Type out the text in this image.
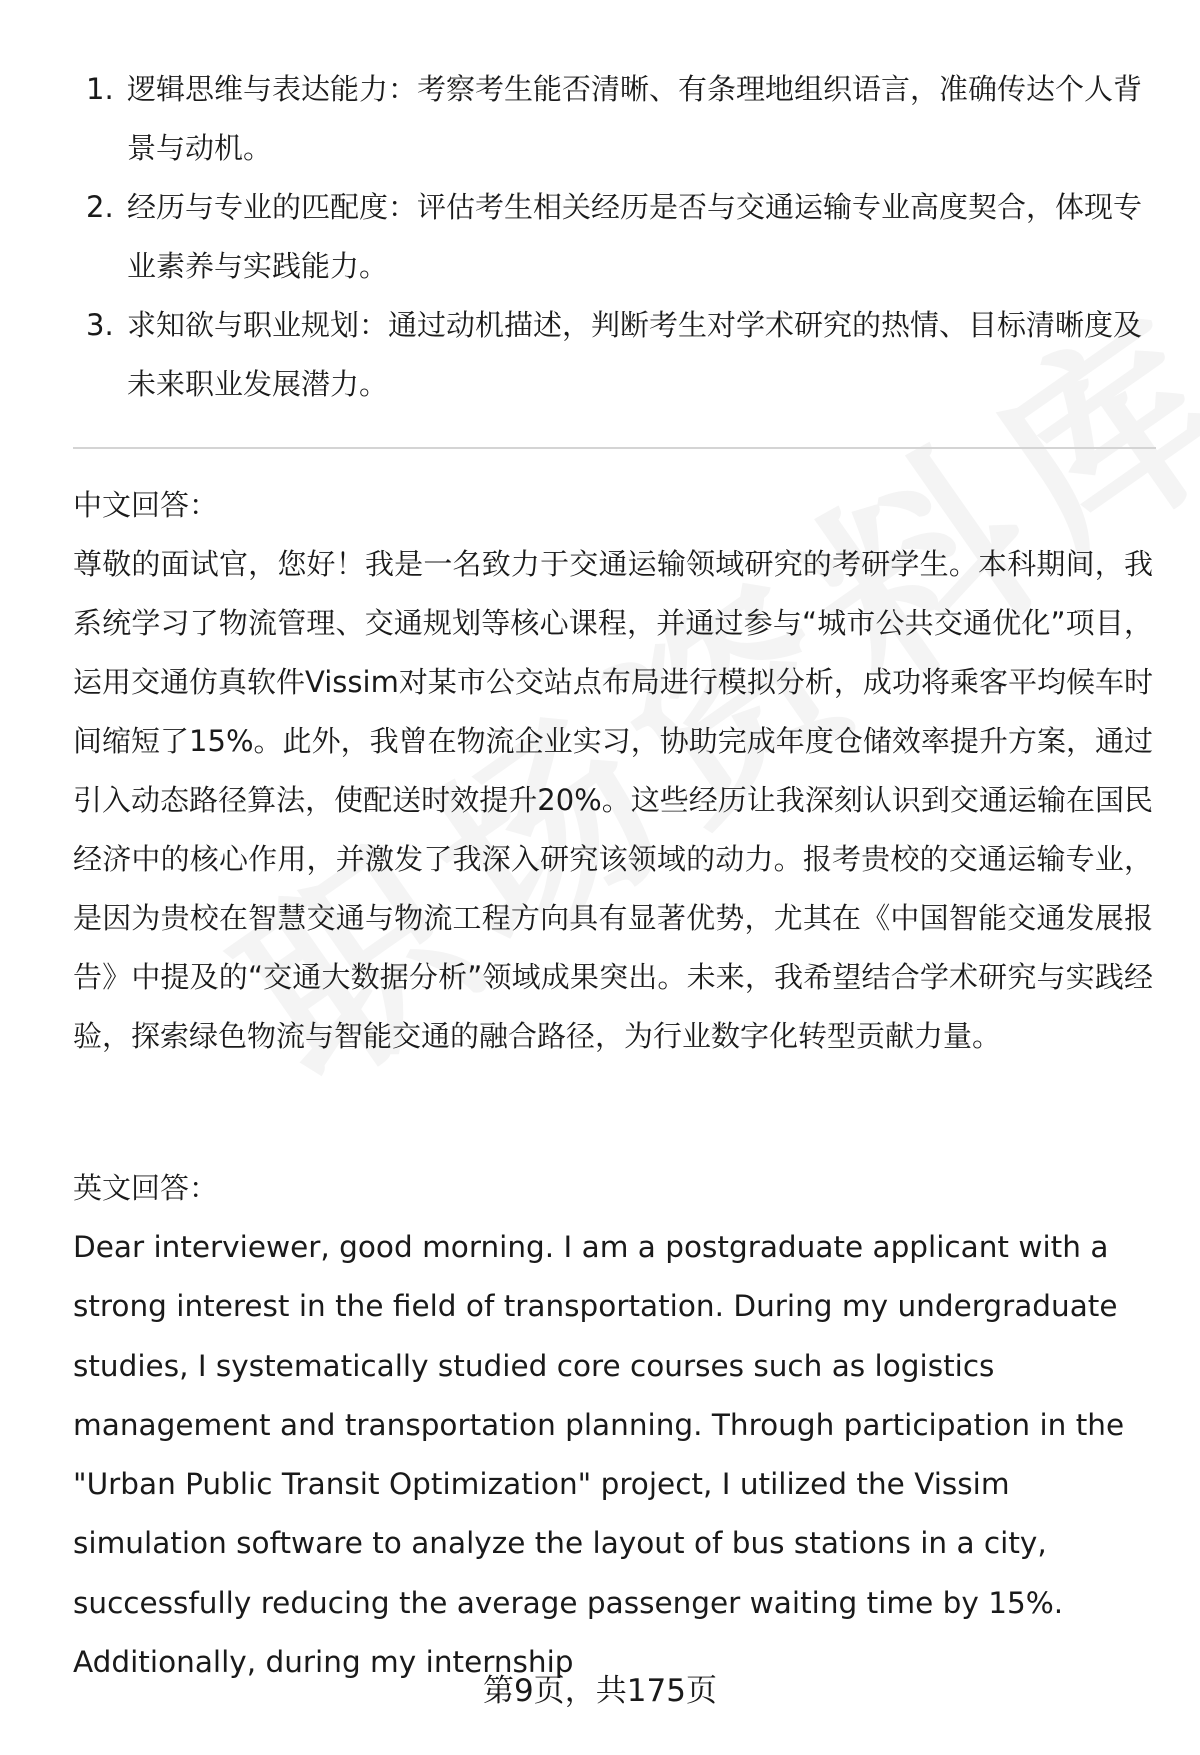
1. 逻辑思维与表达能力：考察考生能否清晰、有条理地组织语言，准确传达个人背景与动机。
2. 经历与专业的匹配度：评估考生相关经历是否与交通运输专业高度契合，体现专业素养与实践能力。
3. 求知欲与职业规划：通过动机描述，判断考生对学术研究的热情、目标清晰度及未来职业发展潜力。

中文回答：

尊敬的面试官，您好！我是一名致力于交通运输领域研究的考研学生。本科期间，我系统学习了物流管理、交通规划等核心课程，并通过参与“城市公共交通优化”项目，运用交通仿真软件Vissim对某市公交站点布局进行模拟分析，成功将乘客平均候车时间缩短了15%。此外，我曾在物流企业实习，协助完成年度仓储效率提升方案，通过引入动态路径算法，使配送时效提升20%。这些经历让我深刻认识到交通运输在国民经济中的核心作用，并激发了我深入研究该领域的动力。报考贵校的交通运输专业，是因为贵校在智慧交通与物流工程方向具有显著优势，尤其在《中国智能交通发展报告》中提及的“交通大数据分析”领域成果突出。未来，我希望结合学术研究与实践经验，探索绿色物流与智能交通的融合路径，为行业数字化转型贡献力量。

英文回答：

Dear interviewer, good morning. I am a postgraduate applicant with a strong interest in the field of transportation. During my undergraduate studies, I systematically studied core courses such as logistics management and transportation planning. Through participation in the "Urban Public Transit Optimization" project, I utilized the Vissim simulation software to analyze the layout of bus stations in a city, successfully reducing the average passenger waiting time by 15%. Additionally, during my internship

第9页，共175页
